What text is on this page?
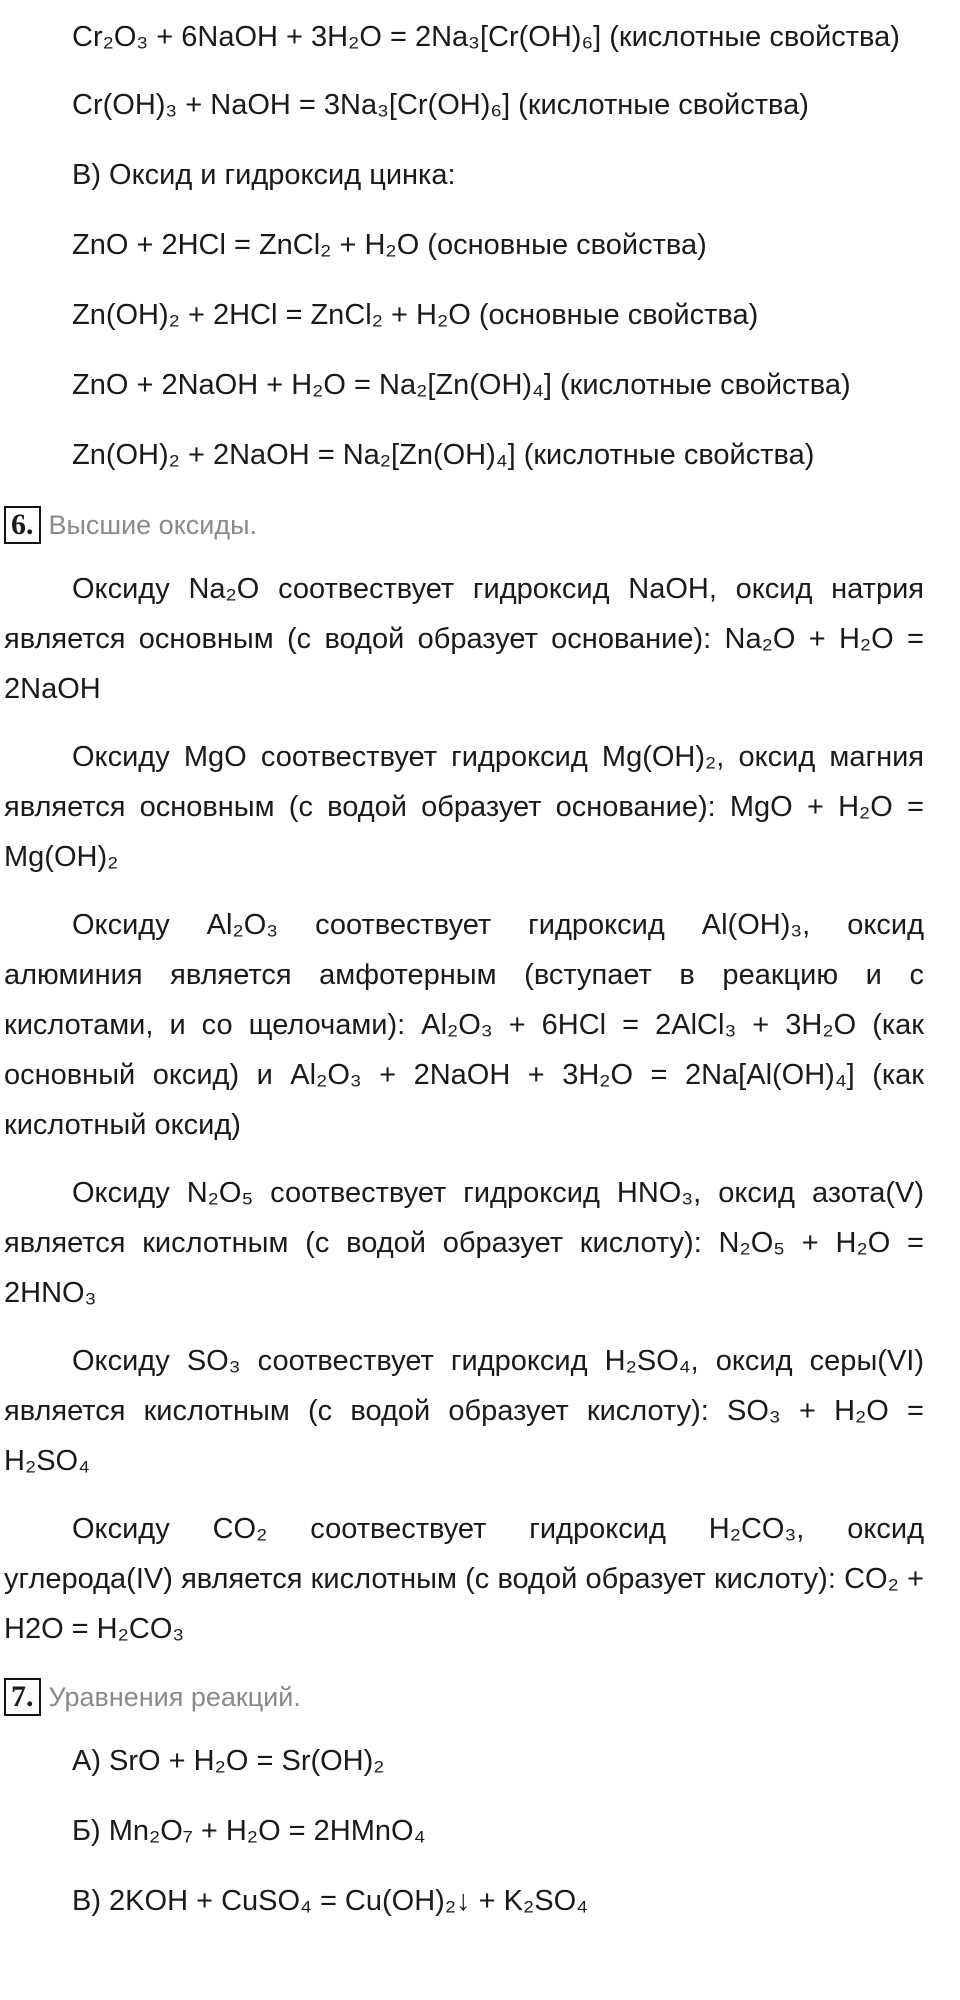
Cr₂O₃ + 6NaOH + 3H₂O = 2Na₃[Cr(OH)₆] (кислотные свойства)

Cr(OH)₃ + NaOH = 3Na₃[Cr(OH)₆] (кислотные свойства)

В) Оксид и гидроксид цинка:

ZnO + 2HCl = ZnCl₂ + H₂O (основные свойства)

Zn(OH)₂ + 2HCl = ZnCl₂ + H₂O (основные свойства)

ZnO + 2NaOH + H₂O = Na₂[Zn(OH)₄] (кислотные свойства)

Zn(OH)₂ + 2NaOH = Na₂[Zn(OH)₄] (кислотные свойства)

6. Высшие оксиды.

Оксиду Na₂O соотвествует гидроксид NaOH, оксид натрия является основным (с водой образует основание): Na₂O + H₂O = 2NaOH

Оксиду MgO соотвествует гидроксид Mg(OH)₂, оксид магния является основным (с водой образует основание): MgO + H₂O = Mg(OH)₂

Оксиду Al₂O₃ соотвествует гидроксид Al(OH)₃, оксид алюминия является амфотерным (вступает в реакцию и с кислотами, и со щелочами): Al₂O₃ + 6HCl = 2AlCl₃ + 3H₂O (как основный оксид) и Al₂O₃ + 2NaOH + 3H₂O = 2Na[Al(OH)₄] (как кислотный оксид)

Оксиду N₂O₅ соотвествует гидроксид HNO₃, оксид азота(V) является кислотным (с водой образует кислоту): N₂O₅ + H₂O = 2HNO₃

Оксиду SO₃ соотвествует гидроксид H₂SO₄, оксид серы(VI) является кислотным (с водой образует кислоту): SO₃ + H₂O = H₂SO₄

Оксиду CO₂ соотвествует гидроксид H₂CO₃, оксид углерода(IV) является кислотным (с водой образует кислоту): CO₂ + H2O = H₂CO₃

7. Уравнения реакций.

А) SrO + H₂O = Sr(OH)₂

Б) Mn₂O₇ + H₂O = 2HMnO₄

В) 2KOH + CuSO₄ = Cu(OH)₂↓ + K₂SO₄
